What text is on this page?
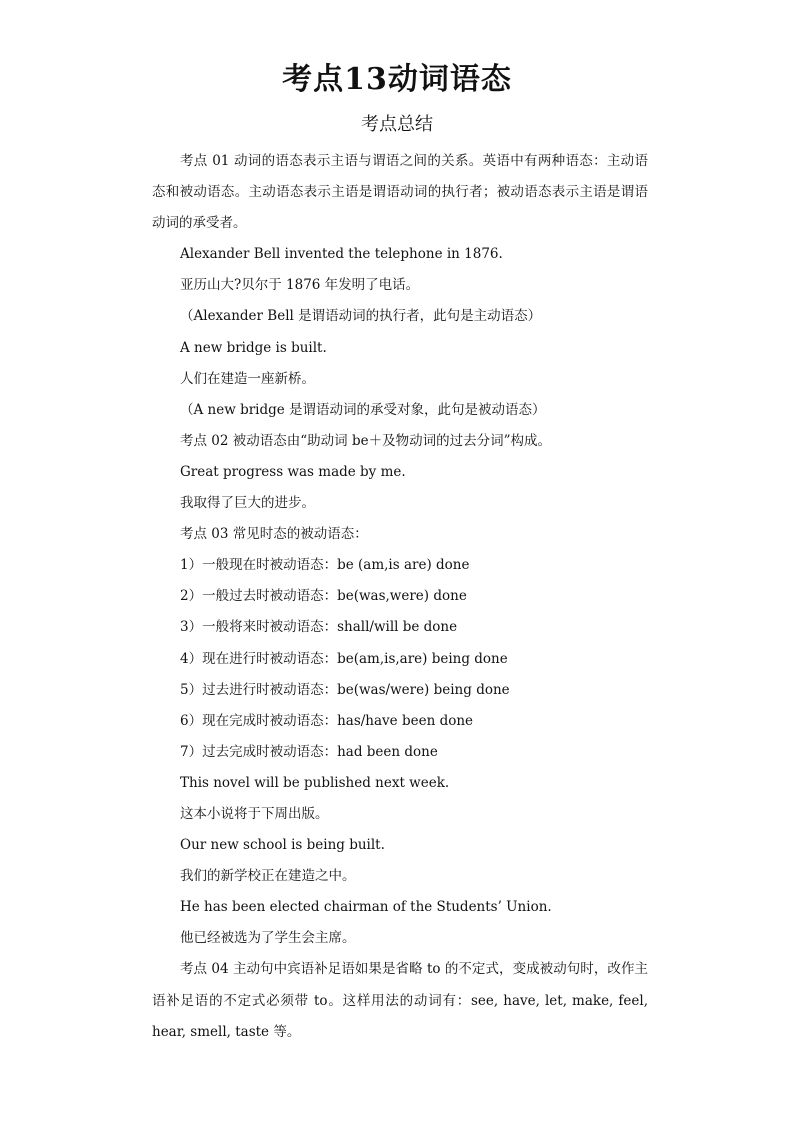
考点13动词语态
考点总结

考点 01 动词的语态表示主语与谓语之间的关系。英语中有两种语态：主动语态和被动语态。主动语态表示主语是谓语动词的执行者；被动语态表示主语是谓语动词的承受者。

Alexander Bell invented the telephone in 1876.

亚历山大?贝尔于 1876 年发明了电话。

（Alexander Bell 是谓语动词的执行者，此句是主动语态）

A new bridge is built.

人们在建造一座新桥。

（A new bridge 是谓语动词的承受对象，此句是被动语态）

考点 02 被动语态由“助动词 be＋及物动词的过去分词”构成。

Great progress was made by me.

我取得了巨大的进步。

考点 03 常见时态的被动语态：

1）一般现在时被动语态：be (am,is are) done

2）一般过去时被动语态：be(was,were) done

3）一般将来时被动语态：shall/will be done

4）现在进行时被动语态：be(am,is,are) being done

5）过去进行时被动语态：be(was/were) being done

6）现在完成时被动语态：has/have been done

7）过去完成时被动语态：had been done

This novel will be published next week.

这本小说将于下周出版。

Our new school is being built.

我们的新学校正在建造之中。

He has been elected chairman of the Students’ Union.

他已经被选为了学生会主席。

考点 04 主动句中宾语补足语如果是省略 to 的不定式，变成被动句时，改作主语补足语的不定式必须带 to。这样用法的动词有：see, have, let, make, feel, hear, smell, taste 等。
